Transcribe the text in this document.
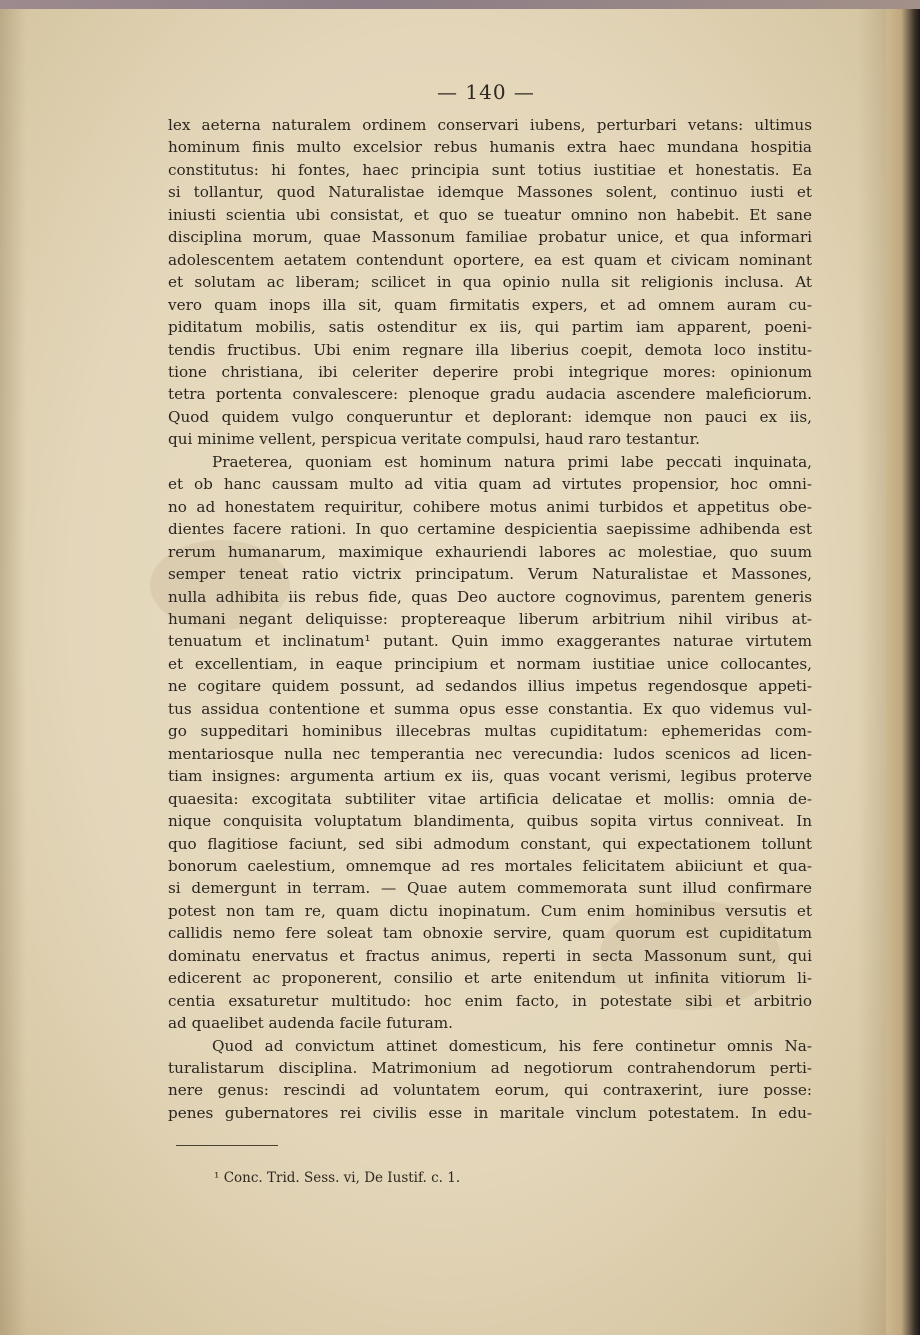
— 140 —
lex aeterna naturalem ordinem conservari iubens, perturbari vetans: ultimus
hominum finis multo excelsior rebus humanis extra haec mundana hospitia
constitutus: hi fontes, haec principia sunt totius iustitiae et honestatis. Ea
si tollantur, quod Naturalistae idemque Massones solent, continuo iusti et
iniusti scientia ubi consistat, et quo se tueatur omnino non habebit. Et sane
disciplina morum, quae Massonum familiae probatur unice, et qua informari
adolescentem aetatem contendunt oportere, ea est quam et civicam nominant
et solutam ac liberam; scilicet in qua opinio nulla sit religionis inclusa. At
vero quam inops illa sit, quam firmitatis expers, et ad omnem auram cu-
piditatum mobilis, satis ostenditur ex iis, qui partim iam apparent, poeni-
tendis fructibus. Ubi enim regnare illa liberius coepit, demota loco institu-
tione christiana, ibi celeriter deperire probi integrique mores: opinionum
tetra portenta convalescere: plenoque gradu audacia ascendere maleficiorum.
Quod quidem vulgo conqueruntur et deplorant: idemque non pauci ex iis,
qui minime vellent, perspicua veritate compulsi, haud raro testantur.
Praeterea, quoniam est hominum natura primi labe peccati inquinata,
et ob hanc caussam multo ad vitia quam ad virtutes propensior, hoc omni-
no ad honestatem requiritur, cohibere motus animi turbidos et appetitus obe-
dientes facere rationi. In quo certamine despicientia saepissime adhibenda est
rerum humanarum, maximique exhauriendi labores ac molestiae, quo suum
semper teneat ratio victrix principatum. Verum Naturalistae et Massones,
nulla adhibita iis rebus fide, quas Deo auctore cognovimus, parentem generis
humani negant deliquisse: proptereaque liberum arbitrium nihil viribus at-
tenuatum et inclinatum¹ putant. Quin immo exaggerantes naturae virtutem
et excellentiam, in eaque principium et normam iustitiae unice collocantes,
ne cogitare quidem possunt, ad sedandos illius impetus regendosque appeti-
tus assidua contentione et summa opus esse constantia. Ex quo videmus vul-
go suppeditari hominibus illecebras multas cupiditatum: ephemeridas com-
mentariosque nulla nec temperantia nec verecundia: ludos scenicos ad licen-
tiam insignes: argumenta artium ex iis, quas vocant verismi, legibus proterve
quaesita: excogitata subtiliter vitae artificia delicatae et mollis: omnia de-
nique conquisita voluptatum blandimenta, quibus sopita virtus conniveat. In
quo flagitiose faciunt, sed sibi admodum constant, qui expectationem tollunt
bonorum caelestium, omnemque ad res mortales felicitatem abiiciunt et qua-
si demergunt in terram. — Quae autem commemorata sunt illud confirmare
potest non tam re, quam dictu inopinatum. Cum enim hominibus versutis et
callidis nemo fere soleat tam obnoxie servire, quam quorum est cupiditatum
dominatu enervatus et fractus animus, reperti in secta Massonum sunt, qui
edicerent ac proponerent, consilio et arte enitendum ut infinita vitiorum li-
centia exsaturetur multitudo: hoc enim facto, in potestate sibi et arbitrio
ad quaelibet audenda facile futuram.
Quod ad convictum attinet domesticum, his fere continetur omnis Na-
turalistarum disciplina. Matrimonium ad negotiorum contrahendorum perti-
nere genus: rescindi ad voluntatem eorum, qui contraxerint, iure posse:
penes gubernatores rei civilis esse in maritale vinclum potestatem. In edu-
¹ Conc. Trid. Sess. vi, De Iustif. c. 1.
